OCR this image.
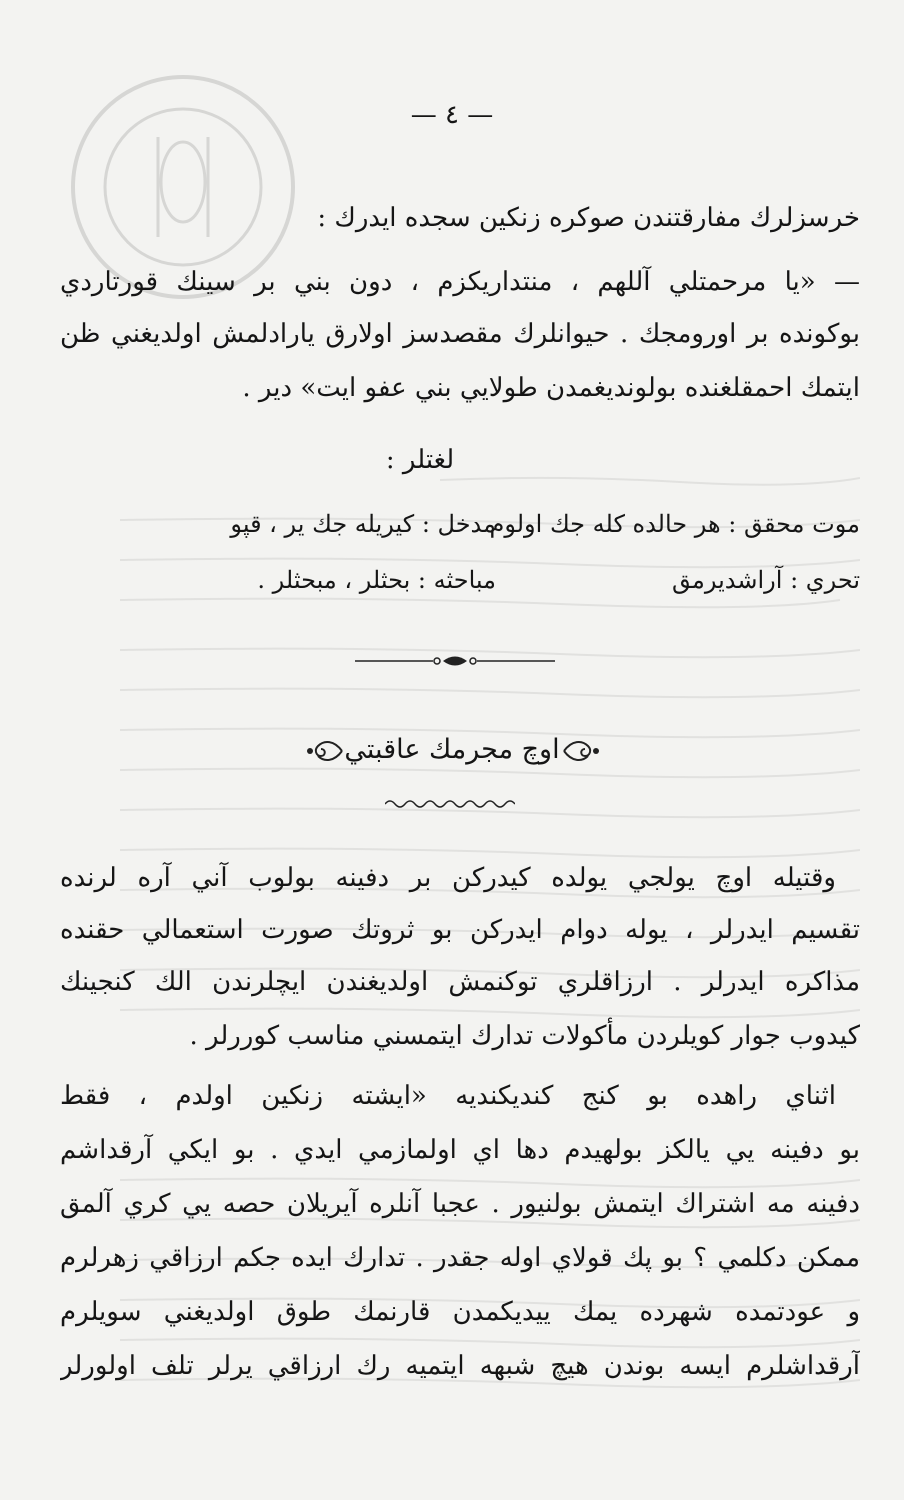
— ٤ —
خرسزلرك مفارقتندن صوكره زنكين سجده ايدرك :
— «يا مرحمتلي آللهم ، منتداريكزم ، دون بني بر سينك قورتاردي
بوكونده بر اورومجك . حيوانلرك مقصدسز اولارق يارادلمش اولديغني ظن
ايتمك احمقلغنده بولونديغمدن طولايي بني عفو ايت» دير .
لغتلر :
موت محقق : هر حالده كله جك اولوم
مدخل : كيريله جك ير ، قپو
تحري : آراشديرمق
مباحثه : بحثلر ، مبحثلر .
اوچ مجرمك عاقبتي
وقتيله اوچ يولجي يولده كيدركن بر دفينه بولوب آني آره لرنده
تقسيم ايدرلر ، يوله دوام ايدركن بو ثروتك صورت استعمالي حقنده
مذاكره ايدرلر . ارزاقلري توكنمش اولديغندن ايچلرندن الك كنجينك
كيدوب جوار كويلردن مأكولات تدارك ايتمسني مناسب كوررلر .
اثناي راهده بو كنج كنديكنديه «ايشته زنكين اولدم ، فقط
بو دفينه يي يالكز بولهيدم دها اي اولمازمي ايدي . بو ايكي آرقداشم
دفينه مه اشتراك ايتمش بولنيور . عجبا آنلره آيريلان حصه يي كري آلمق
ممكن دكلمي ؟ بو پك قولاي اوله جقدر . تدارك ايده جكم ارزاقي زهرلرم
و عودتمده شهرده يمك ييديكمدن قارنمك طوق اولديغني سويلرم
آرقداشلرم ايسه بوندن هيچ شبهه ايتميه رك ارزاقي يرلر تلف اولورلر
